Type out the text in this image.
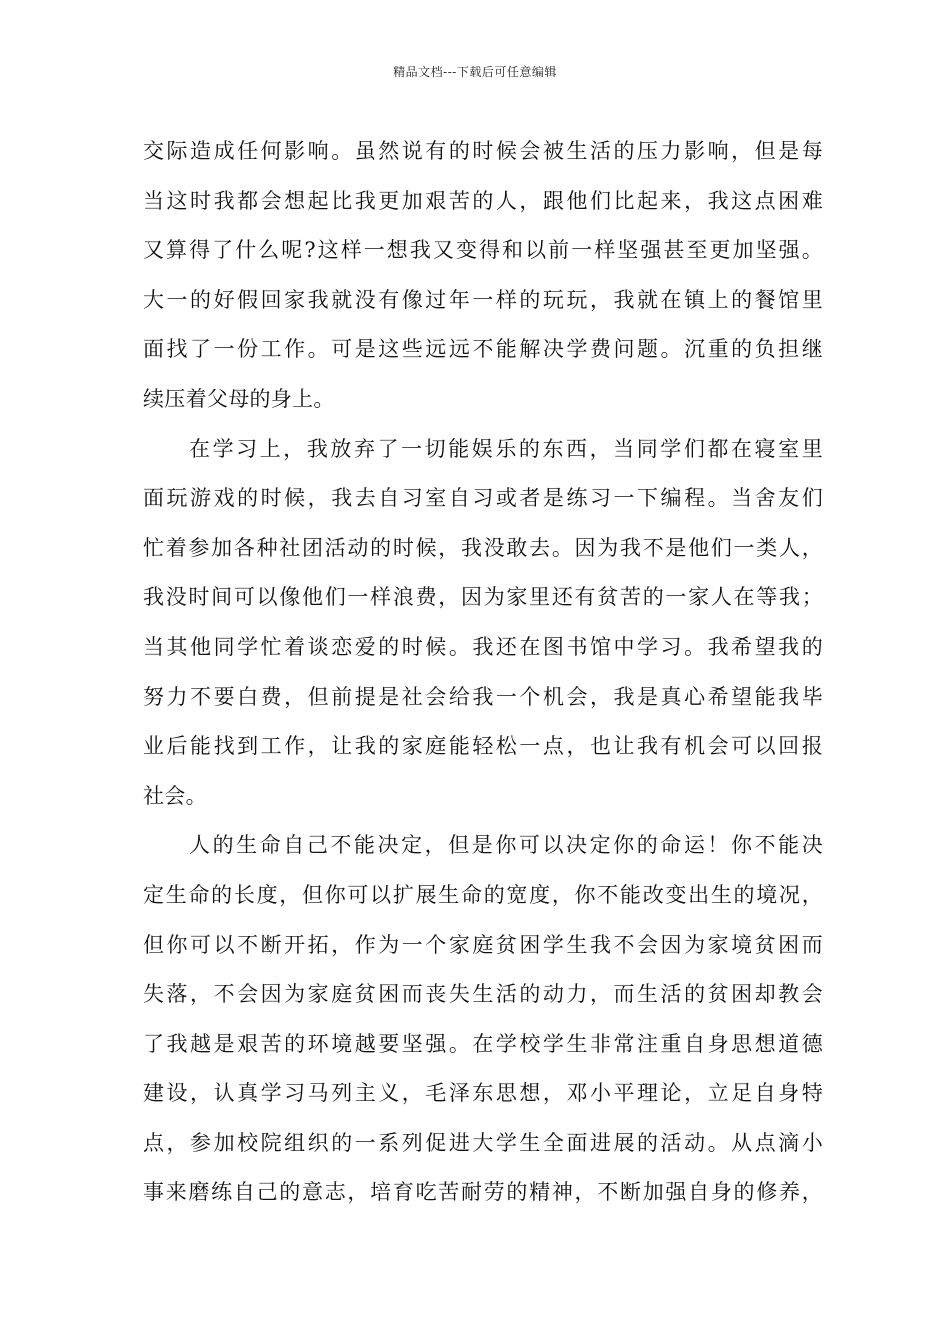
精品文档---下载后可任意编辑
交际造成任何影响。虽然说有的时候会被生活的压力影响，但是每
当这时我都会想起比我更加艰苦的人，跟他们比起来，我这点困难
又算得了什么呢?这样一想我又变得和以前一样坚强甚至更加坚强。
大一的好假回家我就没有像过年一样的玩玩，我就在镇上的餐馆里
面找了一份工作。可是这些远远不能解决学费问题。沉重的负担继
续压着父母的身上。
在学习上，我放弃了一切能娱乐的东西，当同学们都在寝室里
面玩游戏的时候，我去自习室自习或者是练习一下编程。当舍友们
忙着参加各种社团活动的时候，我没敢去。因为我不是他们一类人，
我没时间可以像他们一样浪费，因为家里还有贫苦的一家人在等我；
当其他同学忙着谈恋爱的时候。我还在图书馆中学习。我希望我的
努力不要白费，但前提是社会给我一个机会，我是真心希望能我毕
业后能找到工作，让我的家庭能轻松一点，也让我有机会可以回报
社会。
人的生命自己不能决定，但是你可以决定你的命运！你不能决
定生命的长度，但你可以扩展生命的宽度，你不能改变出生的境况，
但你可以不断开拓，作为一个家庭贫困学生我不会因为家境贫困而
失落，不会因为家庭贫困而丧失生活的动力，而生活的贫困却教会
了我越是艰苦的环境越要坚强。在学校学生非常注重自身思想道德
建设，认真学习马列主义，毛泽东思想，邓小平理论，立足自身特
点，参加校院组织的一系列促进大学生全面进展的活动。从点滴小
事来磨练自己的意志，培育吃苦耐劳的精神，不断加强自身的修养，
